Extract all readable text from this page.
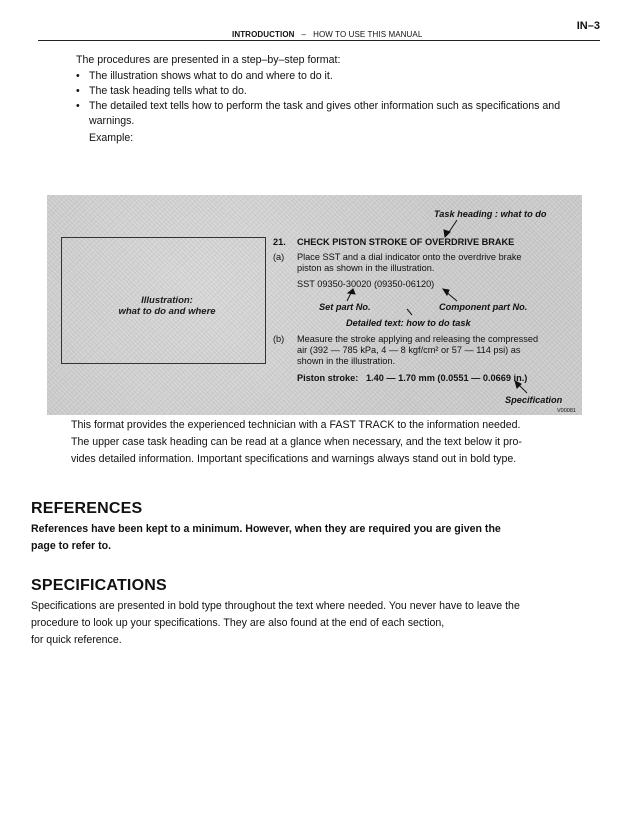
IN–3
INTRODUCTION – HOW TO USE THIS MANUAL
The procedures are presented in a step–by–step format:
• The illustration shows what to do and where to do it.
• The task heading tells what to do.
• The detailed text tells how to perform the task and gives other information such as specifications and warnings.
Example:
Illustration:
what to do and where
Task heading : what to do
21. CHECK PISTON STROKE OF OVERDRIVE BRAKE
(a) Place SST and a dial indicator onto the overdrive brake
piston as shown in the illustration.
SST 09350-30020 (09350-06120)
Set part No.	Component part No.
Detailed text: how to do task
(b) Measure the stroke applying and releasing the compressed
air (392 — 785 kPa, 4 — 8 kgf/cm² or 57 — 114 psi) as
shown in the illustration.
Piston stroke: 1.40 — 1.70 mm (0.0551 — 0.0669 in.)
Specification
V00081
This format provides the experienced technician with a FAST TRACK to the information needed.
The upper case task heading can be read at a glance when necessary, and the text below it pro-
vides detailed information. Important specifications and warnings always stand out in bold type.
REFERENCES
References have been kept to a minimum. However, when they are required you are given the
page to refer to.
SPECIFICATIONS
Specifications are presented in bold type throughout the text where needed. You never have to leave the
procedure to look up your specifications. They are also found at the end of each section,
for quick reference.
